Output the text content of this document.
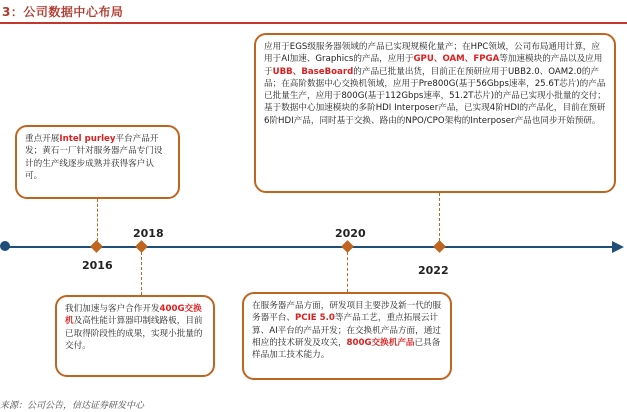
3：公司数据中心布局
2016
2018	2020
2022
重点开展Intel purley平台产品开发；黄石一厂针对服务器产品专门设计的生产线逐步成熟并获得客户认可。
我们加速与客户合作开发400G交换机及高性能计算器印制线路板，目前已取得阶段性的成果，实现小批量的交付。
在服务器产品方面，研发项目主要涉及新一代的服务器平台、PCIE 5.0等产品工艺，重点拓展云计算、AI平台的产品开发；在交换机产品方面，通过相应的技术研发及攻关，800G交换机产品已具备样品加工技术能力。
应用于EGS级服务器领域的产品已实现规模化量产；在HPC领域，公司布局通用计算，应用于AI加速、Graphics的产品，应用于GPU、OAM、FPGA等加速模块的产品以及应用于UBB、BaseBoard的产品已批量出货，目前正在预研应用于UBB2.0、OAM2.0的产品；在高阶数据中心交换机领域，应用于Pre800G(基于56Gbps速率，25.6T芯片)的产品已批量生产，应用于800G(基于112Gbps速率，51.2T芯片)的产品已实现小批量的交付；基于数据中心加速模块的多阶HDI Interposer产品，已实现4阶HDI的产品化，目前在预研6阶HDI产品，同时基于交换、路由的NPO/CPO架构的Interposer产品也同步开始预研。
来源：公司公告，信达证券研发中心
